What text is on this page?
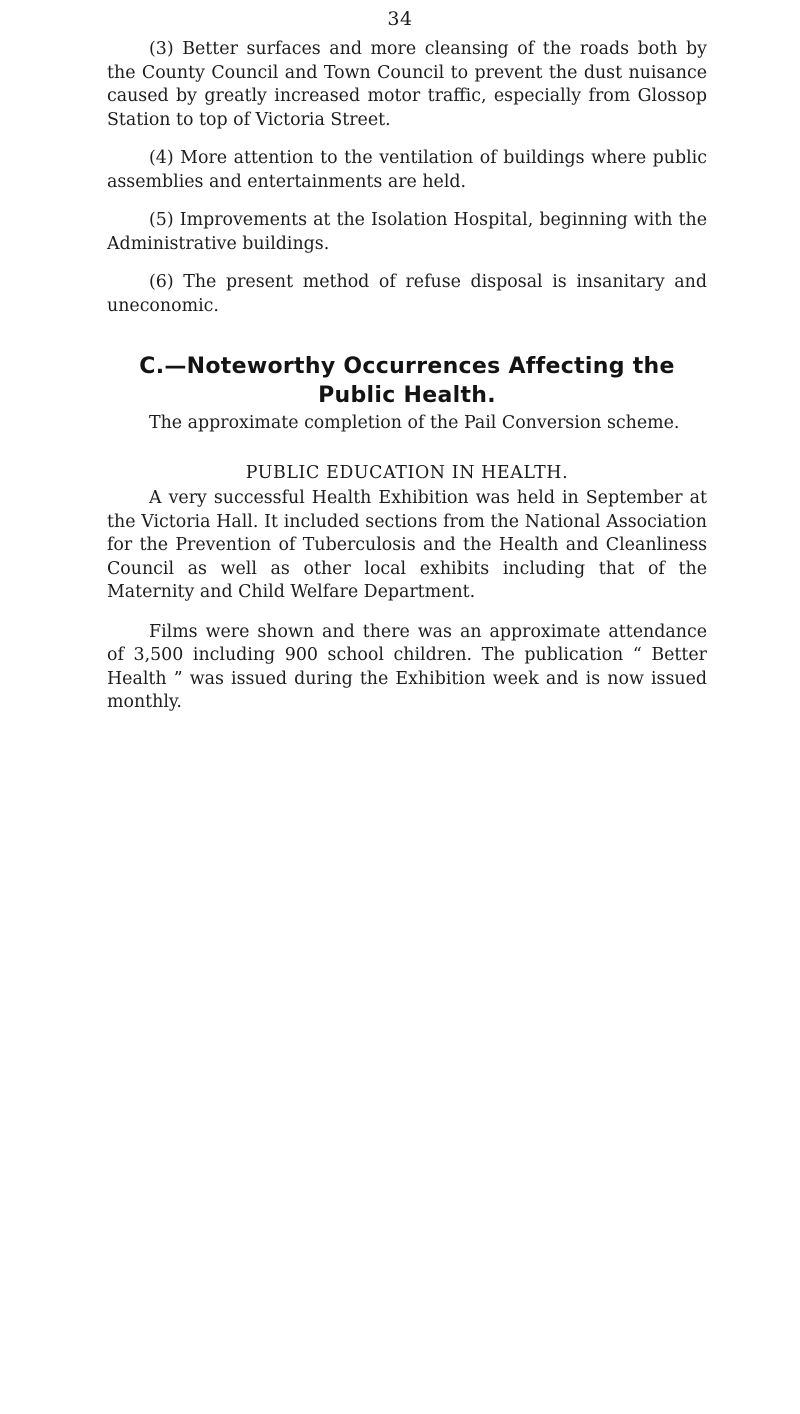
34

(3) Better surfaces and more cleansing of the roads both by the County Council and Town Council to prevent the dust nuisance caused by greatly increased motor traffic, especially from Glossop Station to top of Victoria Street.

(4) More attention to the ventilation of buildings where public assemblies and entertainments are held.

(5) Improvements at the Isolation Hospital, beginning with the Administrative buildings.

(6) The present method of refuse disposal is insanitary and uneconomic.

C.—Noteworthy Occurrences Affecting the
Public Health.

The approximate completion of the Pail Conversion scheme.

PUBLIC EDUCATION IN HEALTH.

A very successful Health Exhibition was held in September at the Victoria Hall. It included sections from the National Association for the Prevention of Tuberculosis and the Health and Cleanliness Council as well as other local exhibits including that of the Maternity and Child Welfare Department.

Films were shown and there was an approximate attendance of 3,500 including 900 school children. The publication “ Better Health ” was issued during the Exhibition week and is now issued monthly.
